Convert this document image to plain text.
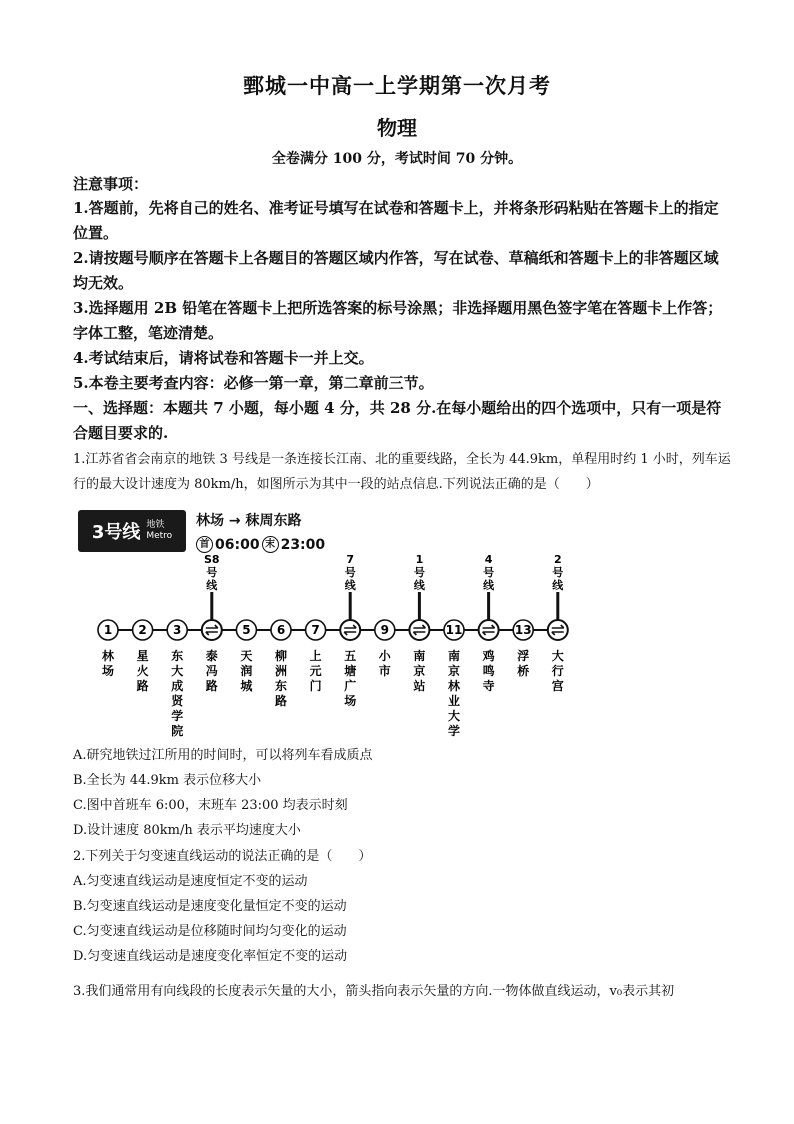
鄄城一中高一上学期第一次月考
物理
全卷满分 100 分，考试时间 70 分钟。
注意事项：

1.答题前，先将自己的姓名、准考证号填写在试卷和答题卡上，并将条形码粘贴在答题卡上的指定位置。

2.请按题号顺序在答题卡上各题目的答题区域内作答，写在试卷、草稿纸和答题卡上的非答题区域均无效。

3.选择题用 2B 铅笔在答题卡上把所选答案的标号涂黑；非选择题用黑色签字笔在答题卡上作答；字体工整，笔迹清楚。

4.考试结束后，请将试卷和答题卡一并上交。

5.本卷主要考查内容：必修一第一章，第二章前三节。

一、选择题：本题共 7 小题，每小题 4 分，共 28 分.在每小题给出的四个选项中，只有一项是符合题目要求的.
1.江苏省省会南京的地铁 3 号线是一条连接长江南、北的重要线路，全长为 44.9km，单程用时约 1 小时，列车运行的最大设计速度为 80km/h，如图所示为其中一段的站点信息.下列说法正确的是（　　）
3号线 地铁
Metro
林场 → 秣周东路
首 06:00 末 23:00
1
林场
2
星火路
3
东大成贤学院
S8 号线
泰冯路
5
天润城
6
柳洲东路
7
上元门
7 号线
五塘广场
9
小市
1 号线
南京站
11
南京林业大学
4 号线
鸡鸣寺
13
浮桥
2 号线
大行宫

A.研究地铁过江所用的时间时，可以将列车看成质点

B.全长为 44.9km 表示位移大小

C.图中首班车 6:00，末班车 23:00 均表示时刻

D.设计速度 80km/h 表示平均速度大小

2.下列关于匀变速直线运动的说法正确的是（　　）

A.匀变速直线运动是速度恒定不变的运动

B.匀变速直线运动是速度变化量恒定不变的运动

C.匀变速直线运动是位移随时间均匀变化的运动

D.匀变速直线运动是速度变化率恒定不变的运动

3.我们通常用有向线段的长度表示矢量的大小，箭头指向表示矢量的方向.一物体做直线运动，v₀表示其初
